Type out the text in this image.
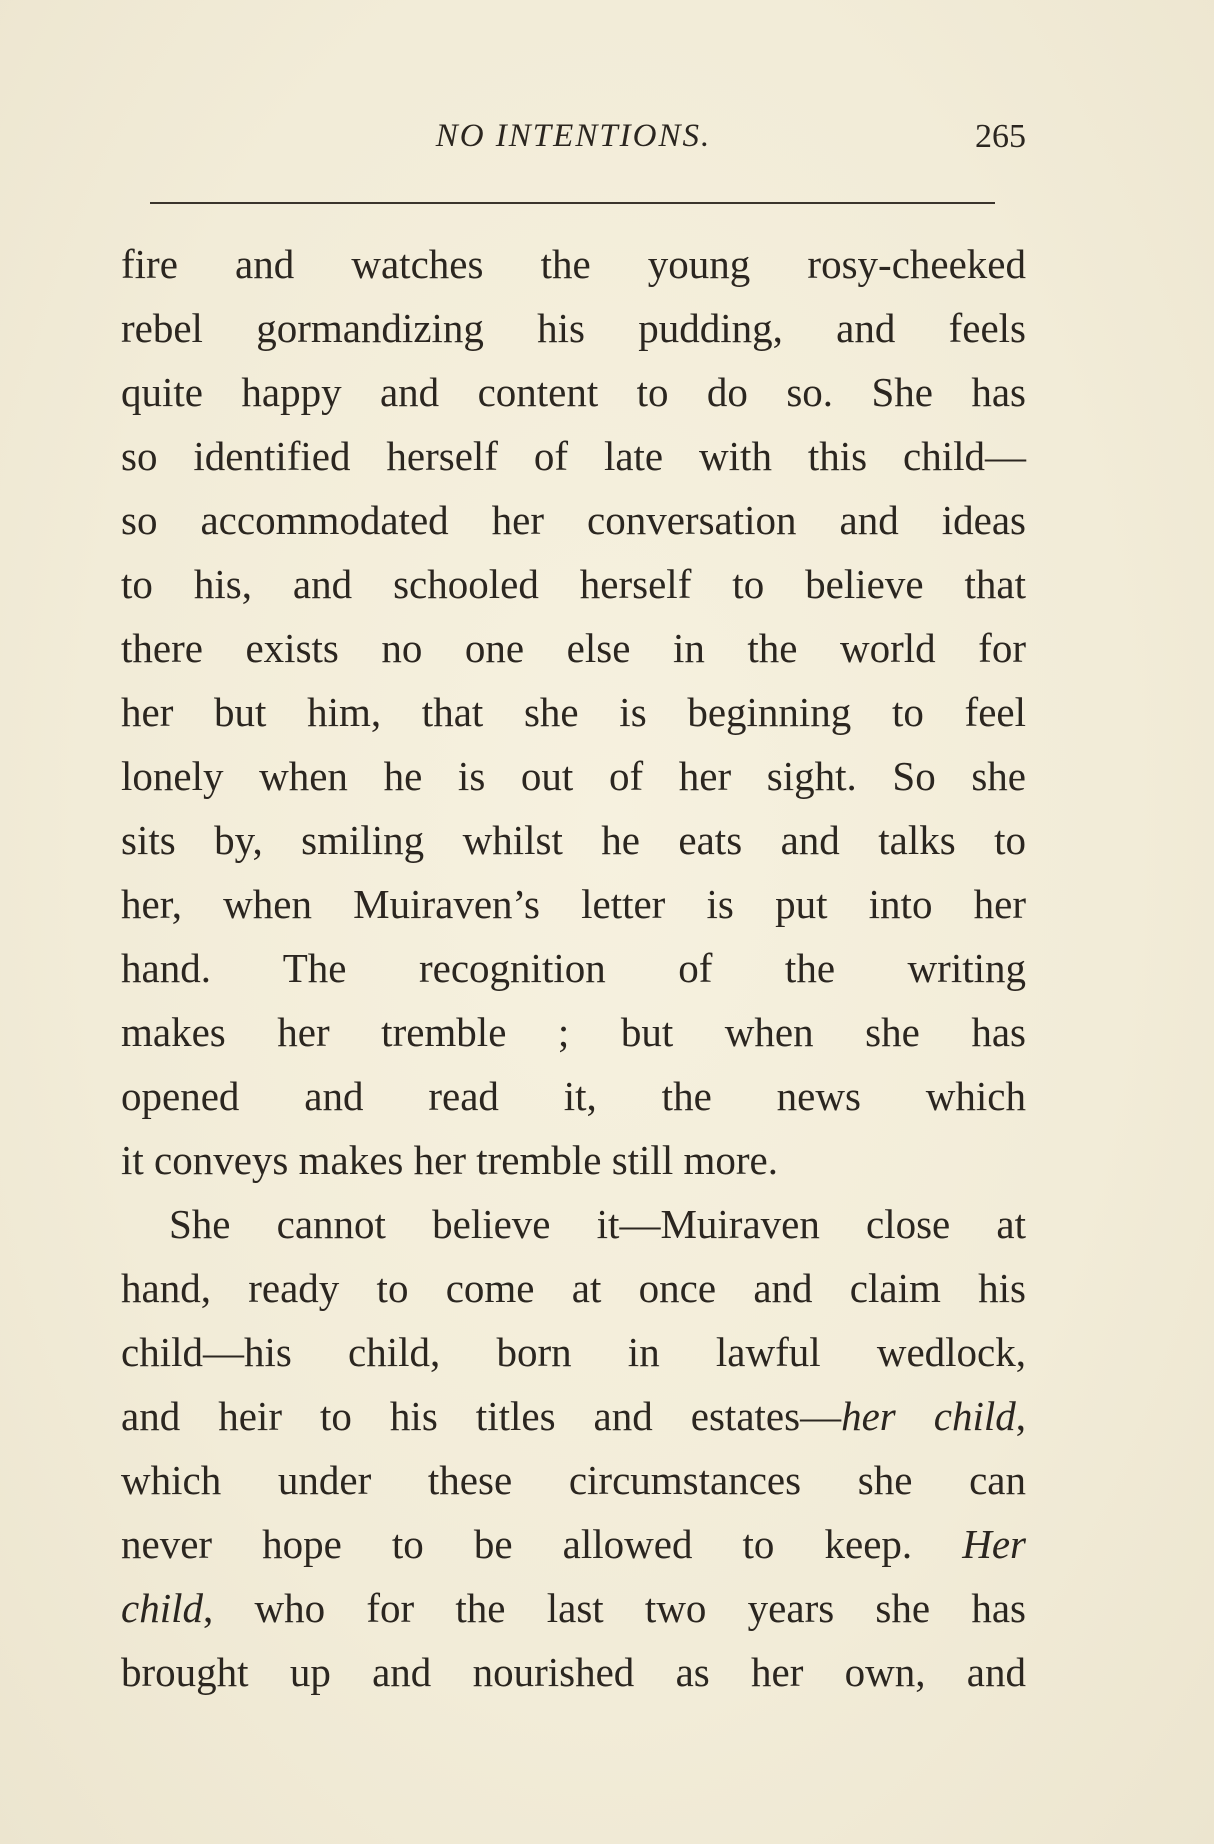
NO INTENTIONS.	265
fire and watches the young rosy-cheeked
rebel gormandizing his pudding, and feels
quite happy and content to do so. She has
so identified herself of late with this child—
so accommodated her conversation and ideas
to his, and schooled herself to believe that
there exists no one else in the world for
her but him, that she is beginning to feel
lonely when he is out of her sight. So she
sits by, smiling whilst he eats and talks to
her, when Muiraven’s letter is put into her
hand. The recognition of the writing
makes her tremble ; but when she has
opened and read it, the news which
it conveys makes her tremble still more.
She cannot believe it—Muiraven close at
hand, ready to come at once and claim his
child—his child, born in lawful wedlock,
and heir to his titles and estates—her child,
which under these circumstances she can
never hope to be allowed to keep. Her
child, who for the last two years she has
brought up and nourished as her own, and
